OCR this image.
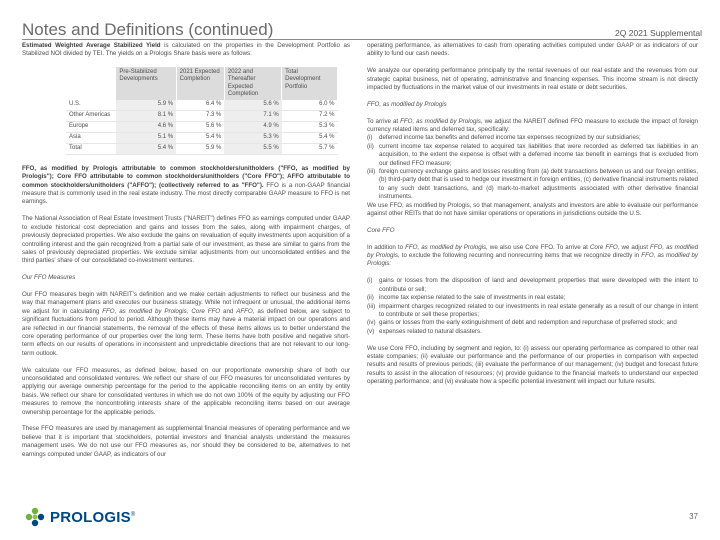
Notes and Definitions (continued)	2Q 2021 Supplemental

Estimated Weighted Average Stabilized Yield is calculated on the properties in the Development Portfolio as Stabilized NOI divided by TEI. The yields on a Prologis Share basis were as follows:

	Pre-Stabilized Developments	2021 Expected Completion	2022 and Thereafter Expected Completion	Total Development Portfolio
U.S.	5.9 %	6.4 %	5.6 %	6.0 %
Other Americas	8.1 %	7.3 %	7.1 %	7.2 %
Europe	4.6 %	5.6 %	4.9 %	5.3 %
Asia	5.1 %	5.4 %	5.3 %	5.4 %
Total	5.4 %	5.9 %	5.5 %	5.7 %

FFO, as modified by Prologis attributable to common stockholders/unitholders ("FFO, as modified by Prologis"); Core FFO attributable to common stockholders/unitholders ("Core FFO"); AFFO attributable to common stockholders/unitholders ("AFFO"); (collectively referred to as "FFO"). FFO is a non-GAAP financial measure that is commonly used in the real estate industry. The most directly comparable GAAP measure to FFO is net earnings.

The National Association of Real Estate Investment Trusts ("NAREIT") defines FFO as earnings computed under GAAP to exclude historical cost depreciation and gains and losses from the sales, along with impairment charges, of previously depreciated properties. We also exclude the gains on revaluation of equity investments upon acquisition of a controlling interest and the gain recognized from a partial sale of our investment, as these are similar to gains from the sales of previously depreciated properties. We exclude similar adjustments from our unconsolidated entities and the third parties' share of our consolidated co-investment ventures.

Our FFO Measures

Our FFO measures begin with NAREIT's definition and we make certain adjustments to reflect our business and the way that management plans and executes our business strategy. While not infrequent or unusual, the additional items we adjust for in calculating FFO, as modified by Prologis, Core FFO and AFFO, as defined below, are subject to significant fluctuations from period to period. Although these items may have a material impact on our operations and are reflected in our financial statements, the removal of the effects of these items allows us to better understand the core operating performance of our properties over the long term. These items have both positive and negative short-term effects on our results of operations in inconsistent and unpredictable directions that are not relevant to our long-term outlook.

We calculate our FFO measures, as defined below, based on our proportionate ownership share of both our unconsolidated and consolidated ventures. We reflect our share of our FFO measures for unconsolidated ventures by applying our average ownership percentage for the period to the applicable reconciling items on an entity by entity basis. We reflect our share for consolidated ventures in which we do not own 100% of the equity by adjusting our FFO measures to remove the noncontrolling interests share of the applicable reconciling items based on our average ownership percentage for the applicable periods.

These FFO measures are used by management as supplemental financial measures of operating performance and we believe that it is important that stockholders, potential investors and financial analysts understand the measures management uses. We do not use our FFO measures as, nor should they be considered to be, alternatives to net earnings computed under GAAP, as indicators of our

operating performance, as alternatives to cash from operating activities computed under GAAP or as indicators of our ability to fund our cash needs.

We analyze our operating performance principally by the rental revenues of our real estate and the revenues from our strategic capital business, net of operating, administrative and financing expenses. This income stream is not directly impacted by fluctuations in the market value of our investments in real estate or debt securities.

FFO, as modified by Prologis

To arrive at FFO, as modified by Prologis, we adjust the NAREIT defined FFO measure to exclude the impact of foreign currency related items and deferred tax, specifically:

(i)	deferred income tax benefits and deferred income tax expenses recognized by our subsidiaries;
(ii) current income tax expense related to acquired tax liabilities that were recorded as deferred tax liabilities in an acquisition, to the extent the expense is offset with a deferred income tax benefit in earnings that is excluded from our defined FFO measure;
(iii) foreign currency exchange gains and losses resulting from (a) debt transactions between us and our foreign entities, (b) third-party debt that is used to hedge our investment in foreign entities, (c) derivative financial instruments related to any such debt transactions, and (d) mark-to-market adjustments associated with other derivative financial instruments.

We use FFO, as modified by Prologis, so that management, analysts and investors are able to evaluate our performance against other REITs that do not have similar operations or operations in jurisdictions outside the U.S.

Core FFO

In addition to FFO, as modified by Prologis, we also use Core FFO. To arrive at Core FFO, we adjust FFO, as modified by Prologis, to exclude the following recurring and nonrecurring items that we recognize directly in FFO, as modified by Prologis:

(i)	gains or losses from the disposition of land and development properties that were developed with the intent to contribute or sell;
(ii) income tax expense related to the sale of investments in real estate;
(iii) impairment charges recognized related to our investments in real estate generally as a result of our change in intent to contribute or sell these properties;
(iv) gains or losses from the early extinguishment of debt and redemption and repurchase of preferred stock; and
(v) expenses related to natural disasters.

We use Core FFO, including by segment and region, to: (i) assess our operating performance as compared to other real estate companies; (ii) evaluate our performance and the performance of our properties in comparison with expected results and results of previous periods; (iii) evaluate the performance of our management; (iv) budget and forecast future results to assist in the allocation of resources; (v) provide guidance to the financial markets to understand our expected operating performance; and (vi) evaluate how a specific potential investment will impact our future results.

PROLOGIS®	37
